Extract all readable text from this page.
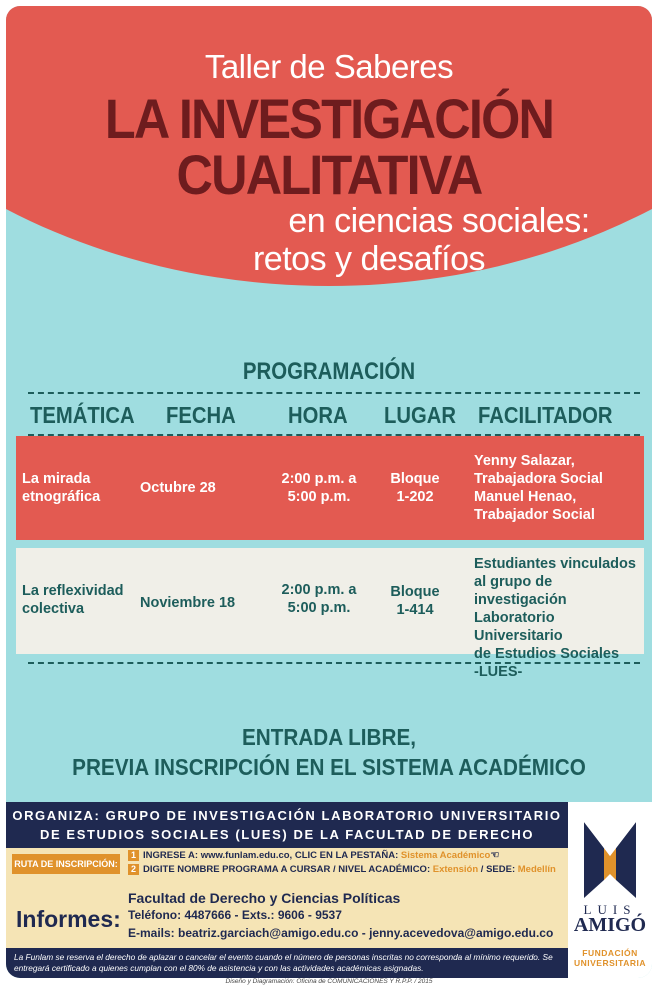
Taller de Saberes
LA INVESTIGACIÓN
CUALITATIVA
en ciencias sociales:
retos y desafíos
PROGRAMACIÓN
TEMÁTICA FECHA HORA LUGAR FACILITADOR
La mirada
etnográfica
Octubre 28
2:00 p.m. a
5:00 p.m.
Bloque
1-202
Yenny Salazar,
Trabajadora Social
Manuel Henao,
Trabajador Social
La reflexividad
colectiva	Noviembre 18
2:00 p.m. a
5:00 p.m.
Bloque
1-414
Estudiantes vinculados
al grupo de investigación
Laboratorio Universitario
de Estudios Sociales
-LUES-
ENTRADA LIBRE,
PREVIA INSCRIPCIÓN EN EL SISTEMA ACADÉMICO
ORGANIZA: GRUPO DE INVESTIGACIÓN LABORATORIO UNIVERSITARIO
DE ESTUDIOS SOCIALES (LUES) DE LA FACULTAD DE DERECHO
RUTA DE INSCRIPCIÓN:
1 INGRESE A: www.funlam.edu.co, CLIC EN LA PESTAÑA: Sistema Académico☜
2 DIGITE NOMBRE PROGRAMA A CURSAR / NIVEL ACADÉMICO: Extensión / SEDE: Medellín
Informes:
Facultad de Derecho y Ciencias Políticas
Teléfono: 4487666 - Exts.: 9606 - 9537
E-mails: beatriz.garciach@amigo.edu.co - jenny.acevedova@amigo.edu.co
LUIS
AMIGÓ
FUNDACIÓN
UNIVERSITARIA
La Funlam se reserva el derecho de aplazar o cancelar el evento cuando el número de personas inscritas no corresponda al mínimo requerido. Se entregará certificado a quienes cumplan con el 80% de asistencia y con las actividades académicas asignadas.
Diseño y Diagramación: Oficina de COMUNICACIONES Y R.P.P. / 2015
